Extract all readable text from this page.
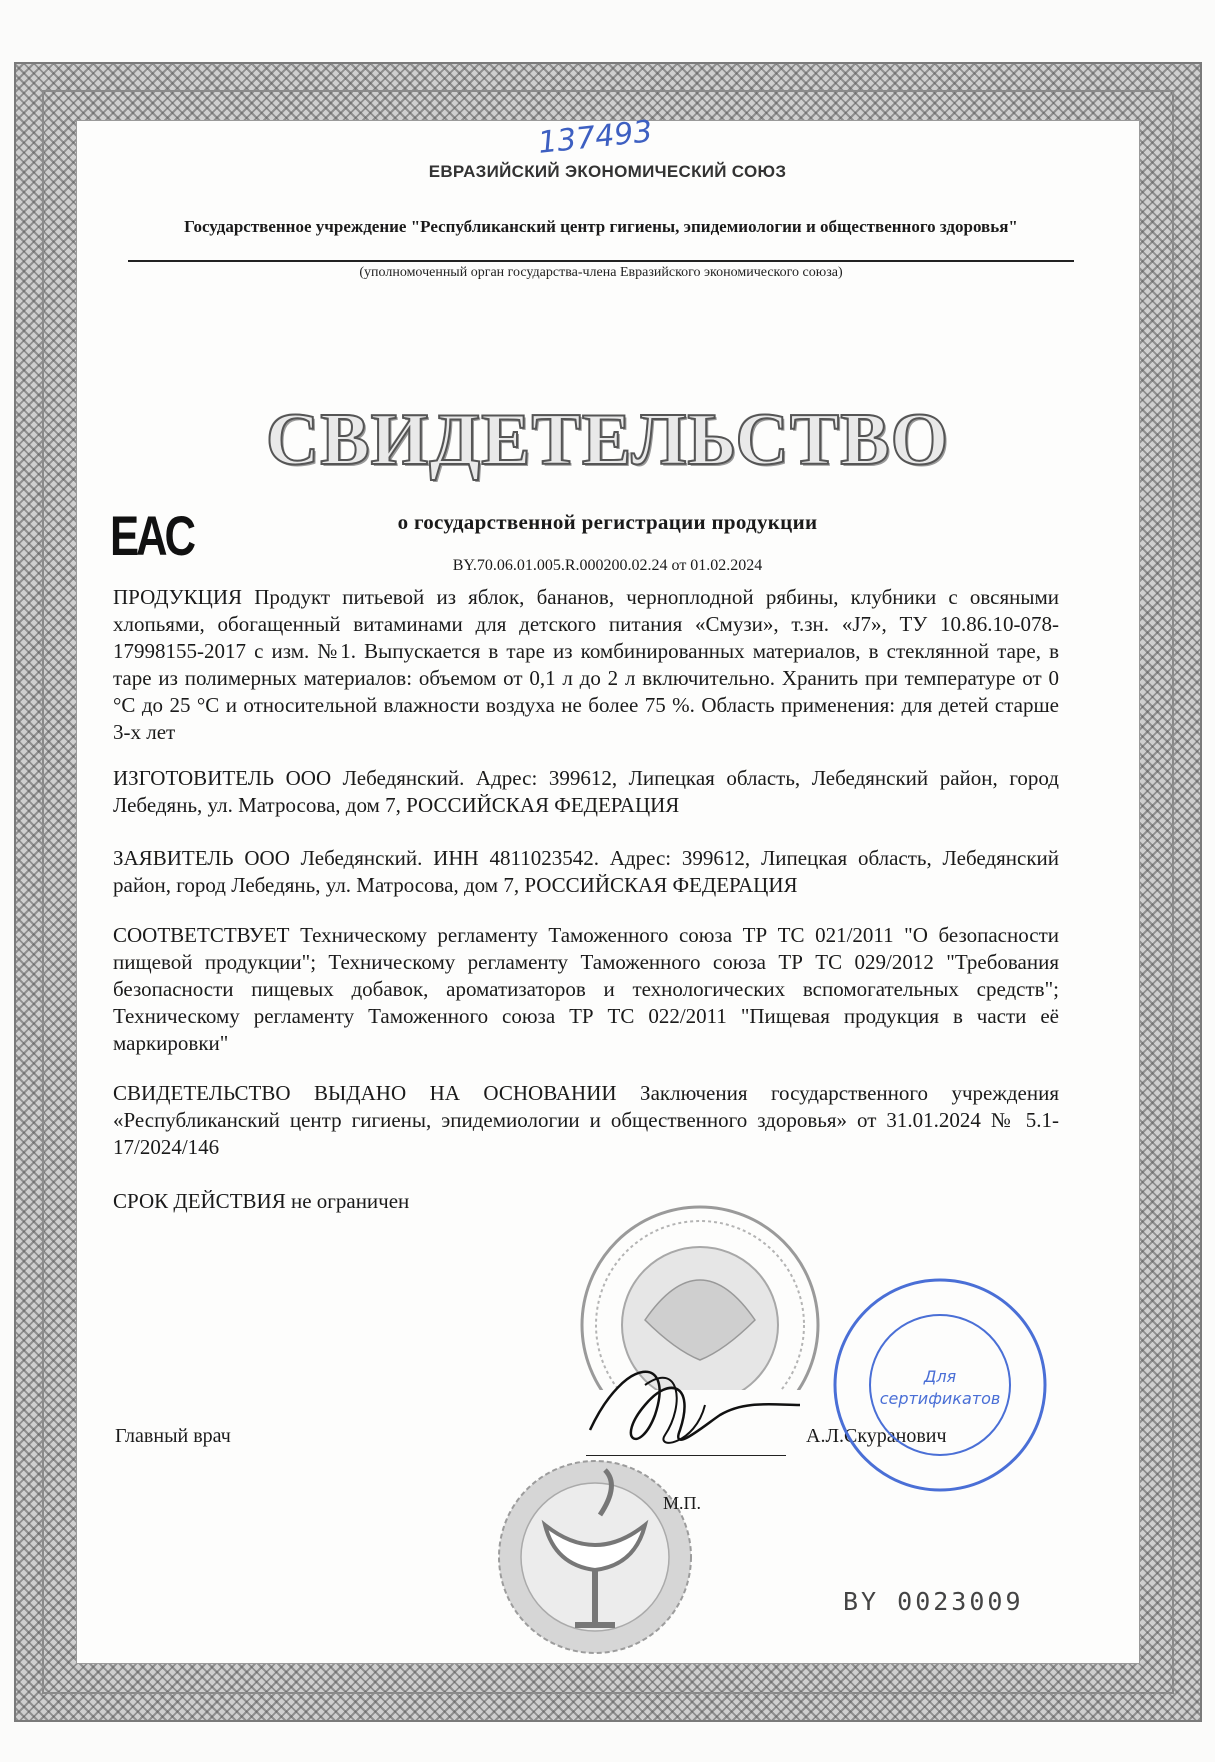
137493
ЕВРАЗИЙСКИЙ ЭКОНОМИЧЕСКИЙ СОЮЗ
Государственное учреждение "Республиканский центр гигиены, эпидемиологии и общественного здоровья"
(уполномоченный орган государства-члена Евразийского экономического союза)
СВИДЕТЕЛЬСТВО
EAC	о государственной регистрации продукции
BY.70.06.01.005.R.000200.02.24 от 01.02.2024
ПРОДУКЦИЯ Продукт питьевой из яблок, бананов, черноплодной рябины, клубники с овсяными хлопьями, обогащенный витаминами для детского питания «Смузи», т.зн. «J7», ТУ 10.86.10-078-17998155-2017 с изм. №1. Выпускается в таре из комбинированных материалов, в стеклянной таре, в таре из полимерных материалов: объемом от 0,1 л до 2 л включительно. Хранить при температуре от 0 °С до 25 °С и относительной влажности воздуха не более 75 %. Область применения: для детей старше 3-х лет
ИЗГОТОВИТЕЛЬ ООО Лебедянский. Адрес: 399612, Липецкая область, Лебедянский район, город Лебедянь, ул. Матросова, дом 7, РОССИЙСКАЯ ФЕДЕРАЦИЯ
ЗАЯВИТЕЛЬ ООО Лебедянский. ИНН 4811023542. Адрес: 399612, Липецкая область, Лебедянский район, город Лебедянь, ул. Матросова, дом 7, РОССИЙСКАЯ ФЕДЕРАЦИЯ
СООТВЕТСТВУЕТ Техническому регламенту Таможенного союза ТР ТС 021/2011 "О безопасности пищевой продукции"; Техническому регламенту Таможенного союза ТР ТС 029/2012 "Требования безопасности пищевых добавок, ароматизаторов и технологических вспомогательных средств"; Техническому регламенту Таможенного союза ТР ТС 022/2011 "Пищевая продукция в части её маркировки"
СВИДЕТЕЛЬСТВО ВЫДАНО НА ОСНОВАНИИ Заключения государственного учреждения «Республиканский центр гигиены, эпидемиологии и общественного здоровья» от 31.01.2024 № 5.1-17/2024/146
СРОК ДЕЙСТВИЯ не ограничен
Главный врач	А.Л.Скуранович
М.П.
Для
сертификатов
BY 0023009
